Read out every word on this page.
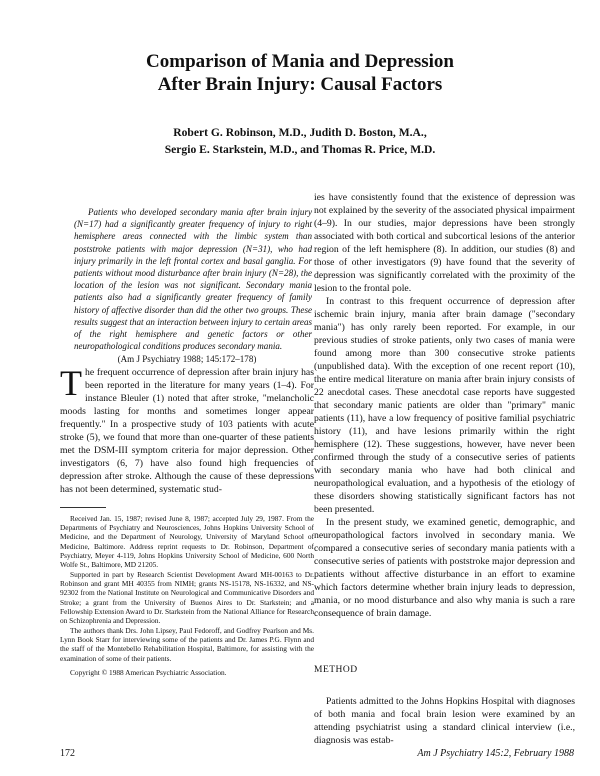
Comparison of Mania and Depression
After Brain Injury: Causal Factors
Robert G. Robinson, M.D., Judith D. Boston, M.A.,
Sergio E. Starkstein, M.D., and Thomas R. Price, M.D.

Patients who developed secondary mania after brain injury (N=17) had a significantly greater frequency of injury to right hemisphere areas connected with the limbic system than poststroke patients with major depression (N=31), who had injury primarily in the left frontal cortex and basal ganglia. For patients without mood disturbance after brain injury (N=28), the location of the lesion was not significant. Secondary mania patients also had a significantly greater frequency of family history of affective disorder than did the other two groups. These results suggest that an interaction between injury to certain areas of the right hemisphere and genetic factors or other neuropathological conditions produces secondary mania.

(Am J Psychiatry 1988; 145:172–178)

The frequent occurrence of depression after brain injury has been reported in the literature for many years (1–4). For instance Bleuler (1) noted that after stroke, "melancholic moods lasting for months and sometimes longer appear frequently." In a prospective study of 103 patients with acute stroke (5), we found that more than one-quarter of these patients met the DSM-III symptom criteria for major depression. Other investigators (6, 7) have also found high frequencies of depression after stroke. Although the cause of these depressions has not been determined, systematic stud-

Received Jan. 15, 1987; revised June 8, 1987; accepted July 29, 1987. From the Departments of Psychiatry and Neurosciences, Johns Hopkins University School of Medicine, and the Department of Neurology, University of Maryland School of Medicine, Baltimore. Address reprint requests to Dr. Robinson, Department of Psychiatry, Meyer 4-119, Johns Hopkins University School of Medicine, 600 North Wolfe St., Baltimore, MD 21205.

Supported in part by Research Scientist Development Award MH-00163 to Dr. Robinson and grant MH 40355 from NIMH; grants NS-15178, NS-16332, and NS-92302 from the National Institute on Neurological and Communicative Disorders and Stroke; a grant from the University of Buenos Aires to Dr. Starkstein; and a Fellowship Extension Award to Dr. Starkstein from the National Alliance for Research on Schizophrenia and Depression.

The authors thank Drs. John Lipsey, Paul Fedoroff, and Godfrey Pearlson and Ms. Lynn Book Starr for interviewing some of the patients and Dr. James P.G. Flynn and the staff of the Montebello Rehabilitation Hospital, Baltimore, for assisting with the examination of some of their patients.

Copyright © 1988 American Psychiatric Association.

ies have consistently found that the existence of depression was not explained by the severity of the associated physical impairment (4–9). In our studies, major depressions have been strongly associated with both cortical and subcortical lesions of the anterior region of the left hemisphere (8). In addition, our studies (8) and those of other investigators (9) have found that the severity of depression was significantly correlated with the proximity of the lesion to the frontal pole.

In contrast to this frequent occurrence of depression after ischemic brain injury, mania after brain damage ("secondary mania") has only rarely been reported. For example, in our previous studies of stroke patients, only two cases of mania were found among more than 300 consecutive stroke patients (unpublished data). With the exception of one recent report (10), the entire medical literature on mania after brain injury consists of 22 anecdotal cases. These anecdotal case reports have suggested that secondary manic patients are older than "primary" manic patients (11), have a low frequency of positive familial psychiatric history (11), and have lesions primarily within the right hemisphere (12). These suggestions, however, have never been confirmed through the study of a consecutive series of patients with secondary mania who have had both clinical and neuropathological evaluation, and a hypothesis of the etiology of these disorders showing statistically significant factors has not been presented.

In the present study, we examined genetic, demographic, and neuropathological factors involved in secondary mania. We compared a consecutive series of secondary mania patients with a consecutive series of patients with poststroke major depression and patients without affective disturbance in an effort to examine which factors determine whether brain injury leads to depression, mania, or no mood disturbance and also why mania is such a rare consequence of brain damage.

METHOD

Patients admitted to the Johns Hopkins Hospital with diagnoses of both mania and focal brain lesion were examined by an attending psychiatrist using a standard clinical interview (i.e., diagnosis was estab-

172	Am J Psychiatry 145:2, February 1988
